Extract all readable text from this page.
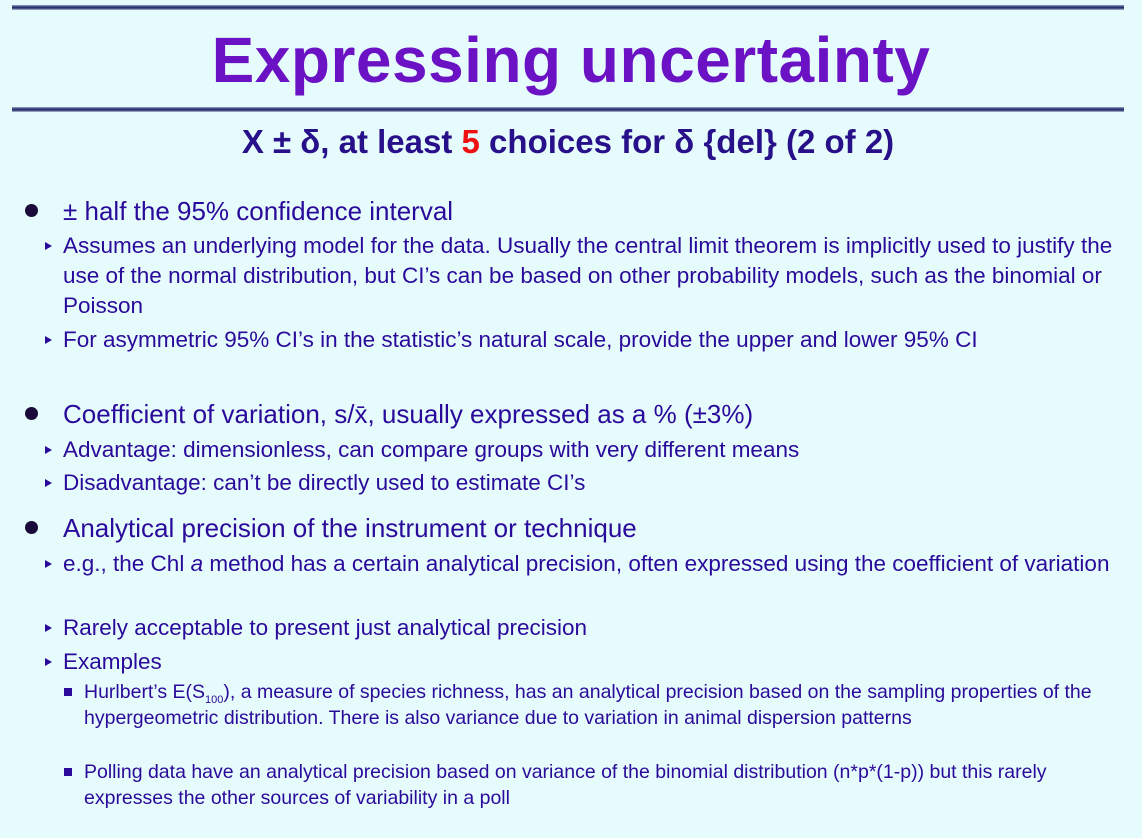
Expressing uncertainty
X ± δ, at least 5 choices for δ {del} (2 of 2)

± half the 95% confidence interval

Assumes an underlying model for the data. Usually the central limit theorem is implicitly used to justify the use of the normal distribution, but CI’s can be based on other probability models, such as the binomial or Poisson

For asymmetric 95% CI’s in the statistic’s natural scale, provide the upper and lower 95% CI

Coefficient of variation, s/x̄, usually expressed as a % (±3%)

Advantage: dimensionless, can compare groups with very different means

Disadvantage: can’t be directly used to estimate CI’s

Analytical precision of the instrument or technique

e.g., the Chl a method has a certain analytical precision, often expressed using the coefficient of variation

Rarely acceptable to present just analytical precision

Examples

Hurlbert’s $E(S_{100})$, a measure of species richness, has an analytical precision based on the sampling properties of the hypergeometric distribution. There is also variance due to variation in animal dispersion patterns

Polling data have an analytical precision based on variance of the binomial distribution (n*p*(1-p)) but this rarely expresses the other sources of variability in a poll
